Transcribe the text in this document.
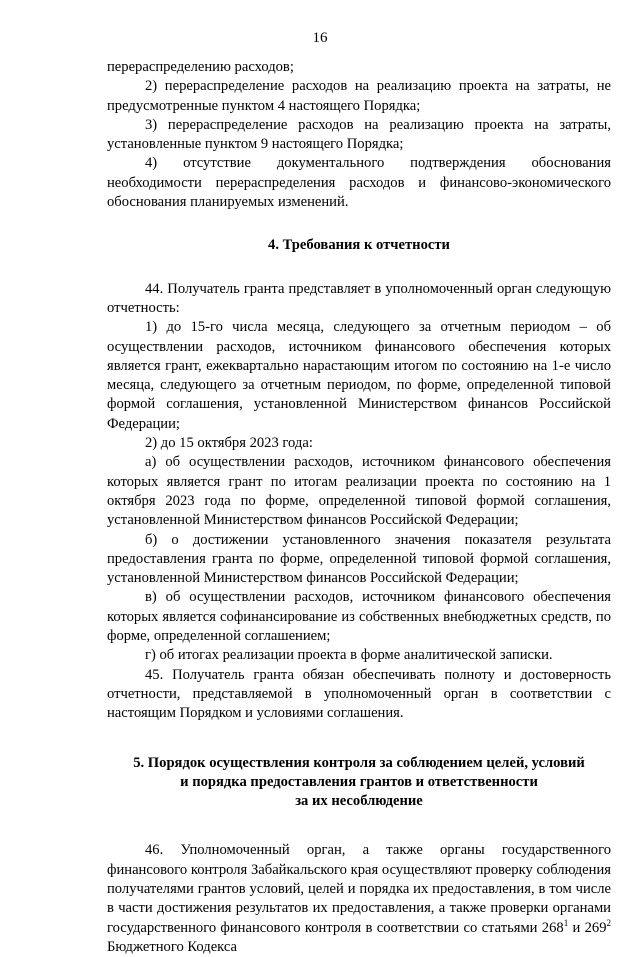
16

перераспределению расходов;

2) перераспределение расходов на реализацию проекта на затраты, не предусмотренные пунктом 4 настоящего Порядка;

3) перераспределение расходов на реализацию проекта на затраты, установленные пунктом 9 настоящего Порядка;

4) отсутствие документального подтверждения обоснования необходимости перераспределения расходов и финансово-экономического обоснования планируемых изменений.

4. Требования к отчетности

44. Получатель гранта представляет в уполномоченный орган следующую отчетность:

1) до 15-го числа месяца, следующего за отчетным периодом – об осуществлении расходов, источником финансового обеспечения которых является грант, ежеквартально нарастающим итогом по состоянию на 1-е число месяца, следующего за отчетным периодом, по форме, определенной типовой формой соглашения, установленной Министерством финансов Российской Федерации;

2) до 15 октября 2023 года:

а) об осуществлении расходов, источником финансового обеспечения которых является грант по итогам реализации проекта по состоянию на 1 октября 2023 года по форме, определенной типовой формой соглашения, установленной Министерством финансов Российской Федерации;

б) о достижении установленного значения показателя результата предоставления гранта по форме, определенной типовой формой соглашения, установленной Министерством финансов Российской Федерации;

в) об осуществлении расходов, источником финансового обеспечения которых является софинансирование из собственных внебюджетных средств, по форме, определенной соглашением;

г) об итогах реализации проекта в форме аналитической записки.

45. Получатель гранта обязан обеспечивать полноту и достоверность отчетности, представляемой в уполномоченный орган в соответствии с настоящим Порядком и условиями соглашения.

5. Порядок осуществления контроля за соблюдением целей, условий

и порядка предоставления грантов и ответственности

за их несоблюдение

46. Уполномоченный орган, а также органы государственного финансового контроля Забайкальского края осуществляют проверку соблюдения получателями грантов условий, целей и порядка их предоставления, в том числе в части достижения результатов их предоставления, а также проверки органами государственного финансового контроля в соответствии со статьями $268^1$ и $269^2$ Бюджетного Кодекса
